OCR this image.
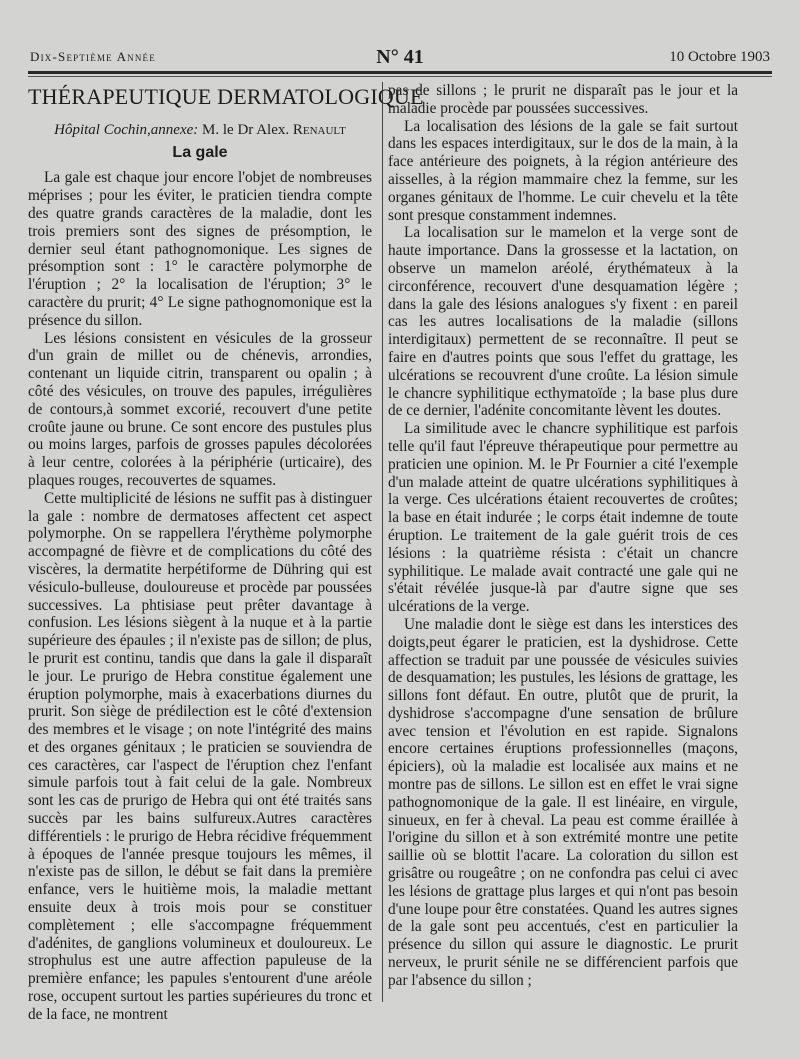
Dix-Septième Année	N° 41	10 Octobre 1903
THÉRAPEUTIQUE DERMATOLOGIQUE
Hôpital Cochin,annexe: M. le Dr Alex. Renault
La gale

La gale est chaque jour encore l'objet de nombreuses méprises ; pour les éviter, le praticien tiendra compte des quatre grands caractères de la maladie, dont les trois premiers sont des signes de présomption, le dernier seul étant pathognomonique. Les signes de présomption sont : 1° le caractère polymorphe de l'éruption ; 2° la localisation de l'éruption; 3° le caractère du prurit; 4° Le signe pathognomonique est la présence du sillon.

Les lésions consistent en vésicules de la grosseur d'un grain de millet ou de chénevis, arrondies, contenant un liquide citrin, transparent ou opalin ; à côté des vésicules, on trouve des papules, irrégulières de contours,à sommet excorié, recouvert d'une petite croûte jaune ou brune. Ce sont encore des pustules plus ou moins larges, parfois de grosses papules décolorées à leur centre, colorées à la périphérie (urticaire), des plaques rouges, recouvertes de squames.

Cette multiplicité de lésions ne suffit pas à distinguer la gale : nombre de dermatoses affectent cet aspect polymorphe. On se rappellera l'érythème polymorphe accompagné de fièvre et de complications du côté des viscères, la dermatite herpétiforme de Dühring qui est vésiculo-bulleuse, douloureuse et procède par poussées successives. La phtisiase peut prêter davantage à confusion. Les lésions siègent à la nuque et à la partie supérieure des épaules ; il n'existe pas de sillon; de plus, le prurit est continu, tandis que dans la gale il disparaît le jour. Le prurigo de Hebra constitue également une éruption polymorphe, mais à exacerbations diurnes du prurit. Son siège de prédilection est le côté d'extension des membres et le visage ; on note l'intégrité des mains et des organes génitaux ; le praticien se souviendra de ces caractères, car l'aspect de l'éruption chez l'enfant simule parfois tout à fait celui de la gale. Nombreux sont les cas de prurigo de Hebra qui ont été traités sans succès par les bains sulfureux.Autres caractères différentiels : le prurigo de Hebra récidive fréquemment à époques de l'année presque toujours les mêmes, il n'existe pas de sillon, le début se fait dans la première enfance, vers le huitième mois, la maladie mettant ensuite deux à trois mois pour se constituer complètement ; elle s'accompagne fréquemment d'adénites, de ganglions volumineux et douloureux. Le strophulus est une autre affection papuleuse de la première enfance; les papules s'entourent d'une aréole rose, occupent surtout les parties supérieures du tronc et de la face, ne montrent

pas de sillons ; le prurit ne disparaît pas le jour et la maladie procède par poussées successives.

La localisation des lésions de la gale se fait surtout dans les espaces interdigitaux, sur le dos de la main, à la face antérieure des poignets, à la région antérieure des aisselles, à la région mammaire chez la femme, sur les organes génitaux de l'homme. Le cuir chevelu et la tête sont presque constamment indemnes.

La localisation sur le mamelon et la verge sont de haute importance. Dans la grossesse et la lactation, on observe un mamelon aréolé, érythémateux à la circonférence, recouvert d'une desquamation légère ; dans la gale des lésions analogues s'y fixent : en pareil cas les autres localisations de la maladie (sillons interdigitaux) permettent de se reconnaître. Il peut se faire en d'autres points que sous l'effet du grattage, les ulcérations se recouvrent d'une croûte. La lésion simule le chancre syphilitique ecthymatoïde ; la base plus dure de ce dernier, l'adénite concomitante lèvent les doutes.

La similitude avec le chancre syphilitique est parfois telle qu'il faut l'épreuve thérapeutique pour permettre au praticien une opinion. M. le Pr Fournier a cité l'exemple d'un malade atteint de quatre ulcérations syphilitiques à la verge. Ces ulcérations étaient recouvertes de croûtes; la base en était indurée ; le corps était indemne de toute éruption. Le traitement de la gale guérit trois de ces lésions : la quatrième résista : c'était un chancre syphilitique. Le malade avait contracté une gale qui ne s'était révélée jusque-là par d'autre signe que ses ulcérations de la verge.

Une maladie dont le siège est dans les interstices des doigts,peut égarer le praticien, est la dyshidrose. Cette affection se traduit par une poussée de vésicules suivies de desquamation; les pustules, les lésions de grattage, les sillons font défaut. En outre, plutôt que de prurit, la dyshidrose s'accompagne d'une sensation de brûlure avec tension et l'évolution en est rapide. Signalons encore certaines éruptions professionnelles (maçons, épiciers), où la maladie est localisée aux mains et ne montre pas de sillons. Le sillon est en effet le vrai signe pathognomonique de la gale. Il est linéaire, en virgule, sinueux, en fer à cheval. La peau est comme éraillée à l'origine du sillon et à son extrémité montre une petite saillie où se blottit l'acare. La coloration du sillon est grisâtre ou rougeâtre ; on ne confondra pas celui ci avec les lésions de grattage plus larges et qui n'ont pas besoin d'une loupe pour être constatées. Quand les autres signes de la gale sont peu accentués, c'est en particulier la présence du sillon qui assure le diagnostic. Le prurit nerveux, le prurit sénile ne se différencient parfois que par l'absence du sillon ;
